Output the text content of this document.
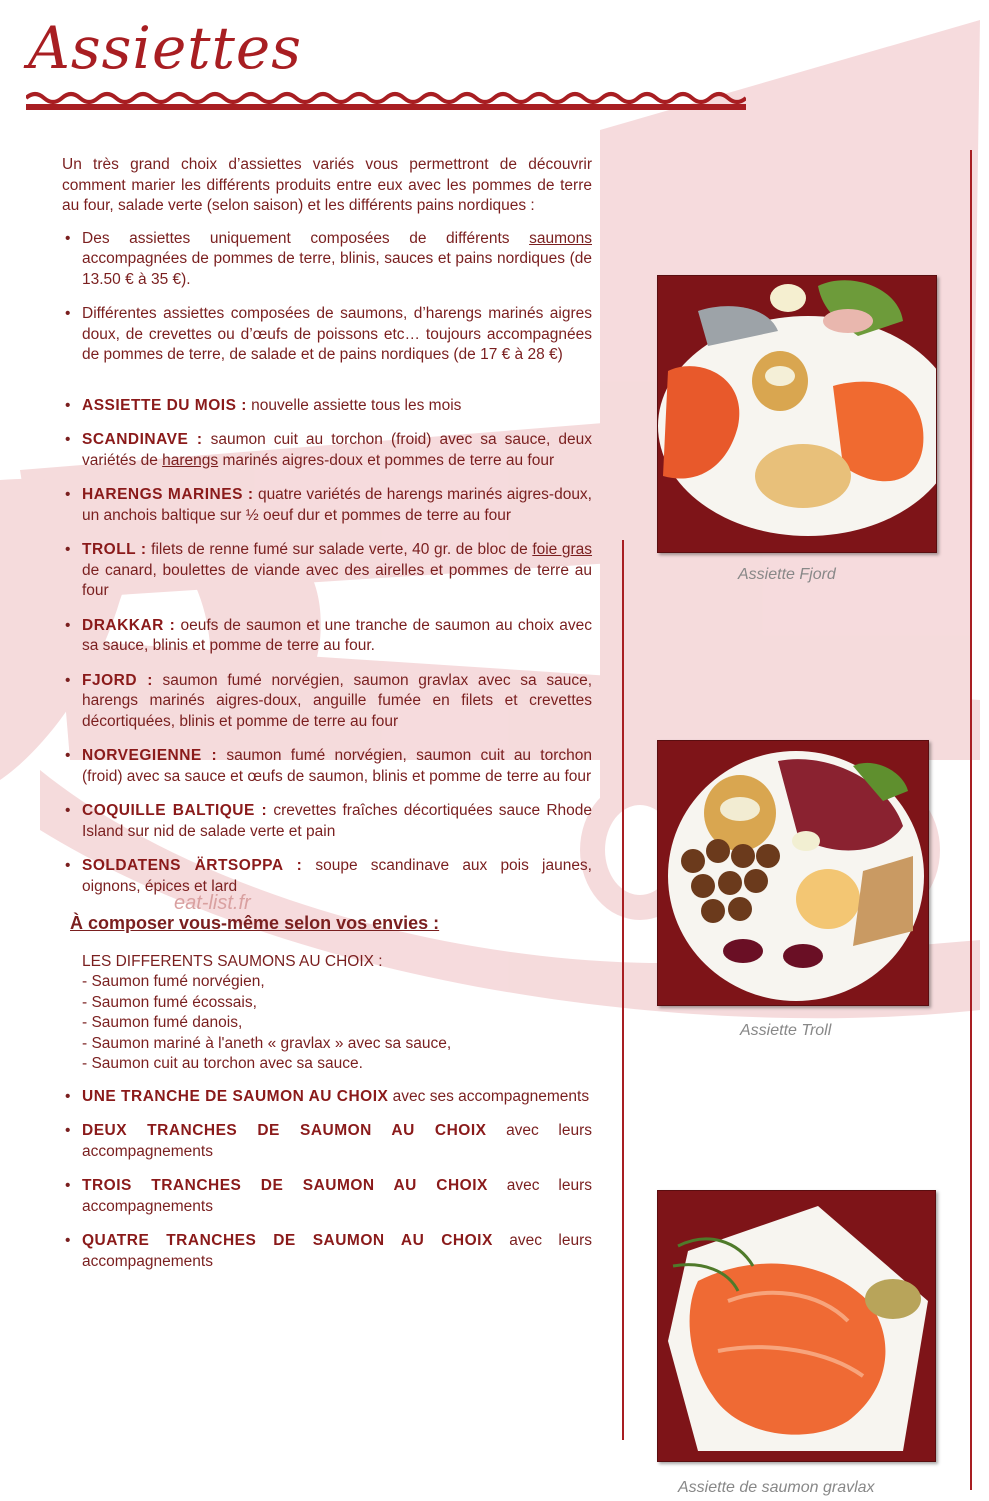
Assiettes

Un très grand choix d’assiettes variés vous permettront de découvrir comment marier les différents produits entre eux avec les pommes de terre au four, salade verte (selon saison) et les différents pains nordiques :

• Des assiettes uniquement composées de différents saumons accompagnées de pommes de terre, blinis, sauces et pains nordiques (de 13.50 € à 35 €).
• Différentes assiettes composées de saumons, d’harengs marinés aigres doux, de crevettes ou d’œufs de poissons etc… toujours accompagnées de pommes de terre, de salade et de pains nordiques (de 17 € à 28 €)
• ASSIETTE DU MOIS : nouvelle assiette tous les mois
• SCANDINAVE : saumon cuit au torchon (froid) avec sa sauce, deux variétés de harengs marinés aigres-doux et pommes de terre au four
• HARENGS MARINES : quatre variétés de harengs marinés aigres-doux, un anchois baltique sur ½ oeuf dur et pommes de terre au four
• TROLL : filets de renne fumé sur salade verte, 40 gr. de bloc de foie gras de canard, boulettes de viande avec des airelles et pommes de terre au four
• DRAKKAR : oeufs de saumon et une tranche de saumon au choix avec sa sauce, blinis et pomme de terre au four.
• FJORD : saumon fumé norvégien, saumon gravlax avec sa sauce, harengs marinés aigres-doux, anguille fumée en filets et crevettes décortiquées, blinis et pomme de terre au four
• NORVEGIENNE : saumon fumé norvégien, saumon cuit au torchon (froid) avec sa sauce et œufs de saumon, blinis et pomme de terre au four
• COQUILLE BALTIQUE : crevettes fraîches décortiquées sauce Rhode Island sur nid de salade verte et pain
• SOLDATENS ÄRTSOPPA : soupe scandinave aux pois jaunes, oignons, épices et lard
À composer vous-même selon vos envies :
LES DIFFERENTS SAUMONS AU CHOIX :
- Saumon fumé norvégien,
- Saumon fumé écossais,
- Saumon fumé danois,
- Saumon mariné à l'aneth « gravlax » avec sa sauce,
- Saumon cuit au torchon avec sa sauce.
• UNE TRANCHE DE SAUMON AU CHOIX avec ses accompagnements
• DEUX TRANCHES DE SAUMON AU CHOIX avec leurs accompagnements
• TROIS TRANCHES DE SAUMON AU CHOIX avec leurs accompagnements
• QUATRE TRANCHES DE SAUMON AU CHOIX avec leurs accompagnements
Assiette Fjord
Assiette Troll
Assiette de saumon gravlax
eat-list.fr
